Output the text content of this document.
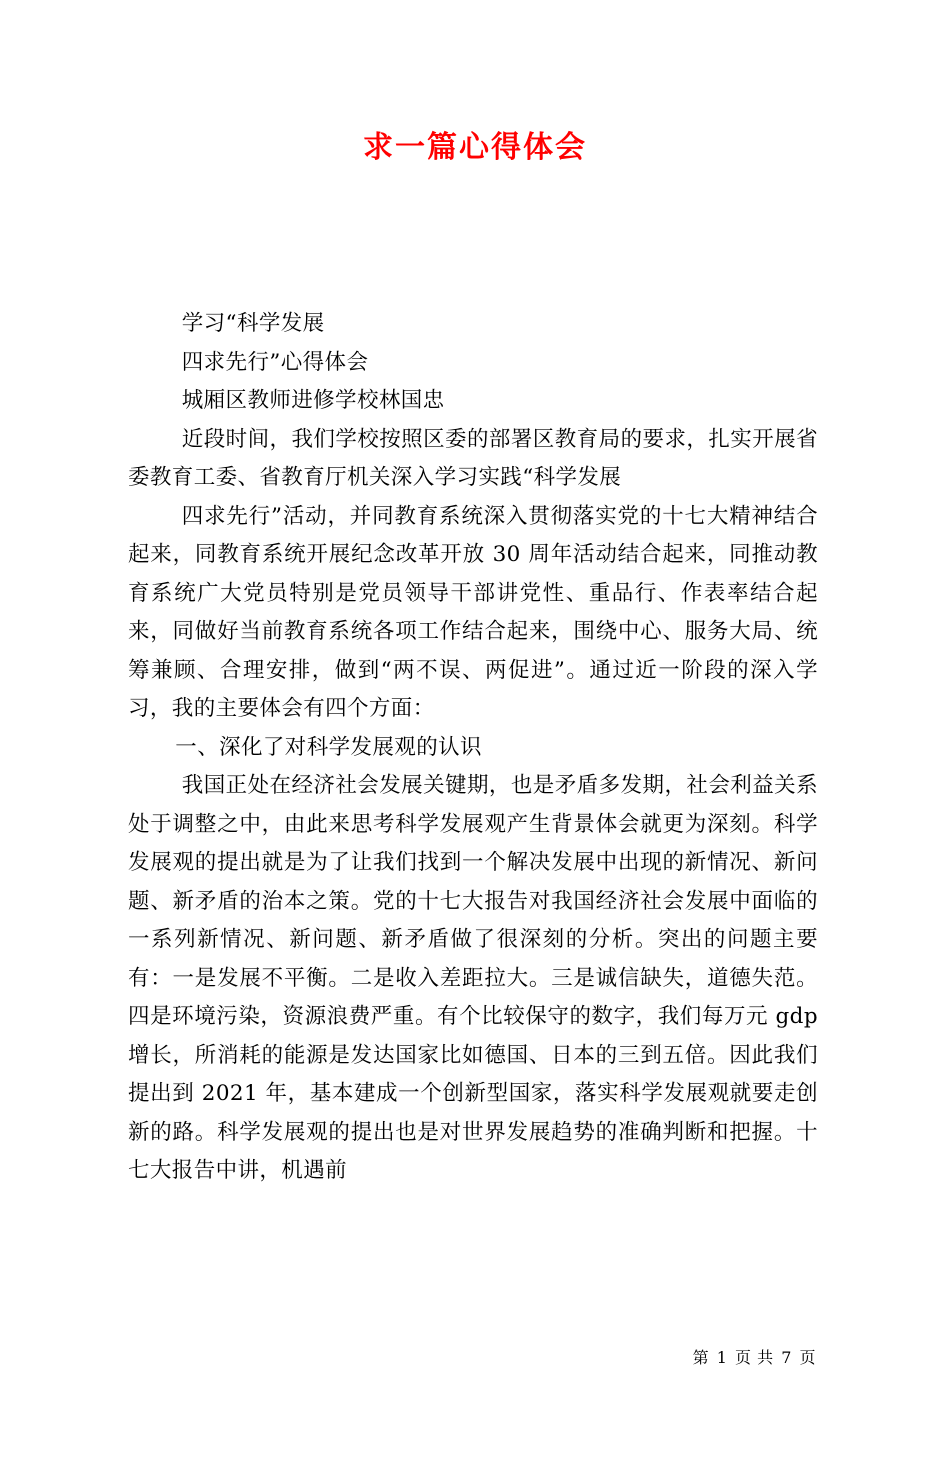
求一篇心得体会

学习“科学发展

四求先行”心得体会

城厢区教师进修学校林国忠

近段时间，我们学校按照区委的部署区教育局的要求，扎实开展省委教育工委、省教育厅机关深入学习实践“科学发展

四求先行”活动，并同教育系统深入贯彻落实党的十七大精神结合起来，同教育系统开展纪念改革开放 30 周年活动结合起来，同推动教育系统广大党员特别是党员领导干部讲党性、重品行、作表率结合起来，同做好当前教育系统各项工作结合起来，围绕中心、服务大局、统筹兼顾、合理安排，做到“两不误、两促进”。通过近一阶段的深入学习，我的主要体会有四个方面：

一、深化了对科学发展观的认识

我国正处在经济社会发展关键期，也是矛盾多发期，社会利益关系处于调整之中，由此来思考科学发展观产生背景体会就更为深刻。科学发展观的提出就是为了让我们找到一个解决发展中出现的新情况、新问题、新矛盾的治本之策。党的十七大报告对我国经济社会发展中面临的一系列新情况、新问题、新矛盾做了很深刻的分析。突出的问题主要有：一是发展不平衡。二是收入差距拉大。三是诚信缺失，道德失范。四是环境污染，资源浪费严重。有个比较保守的数字，我们每万元 gdp 增长，所消耗的能源是发达国家比如德国、日本的三到五倍。因此我们提出到 2021 年，基本建成一个创新型国家，落实科学发展观就要走创新的路。科学发展观的提出也是对世界发展趋势的准确判断和把握。十七大报告中讲，机遇前

第 1 页 共 7 页
